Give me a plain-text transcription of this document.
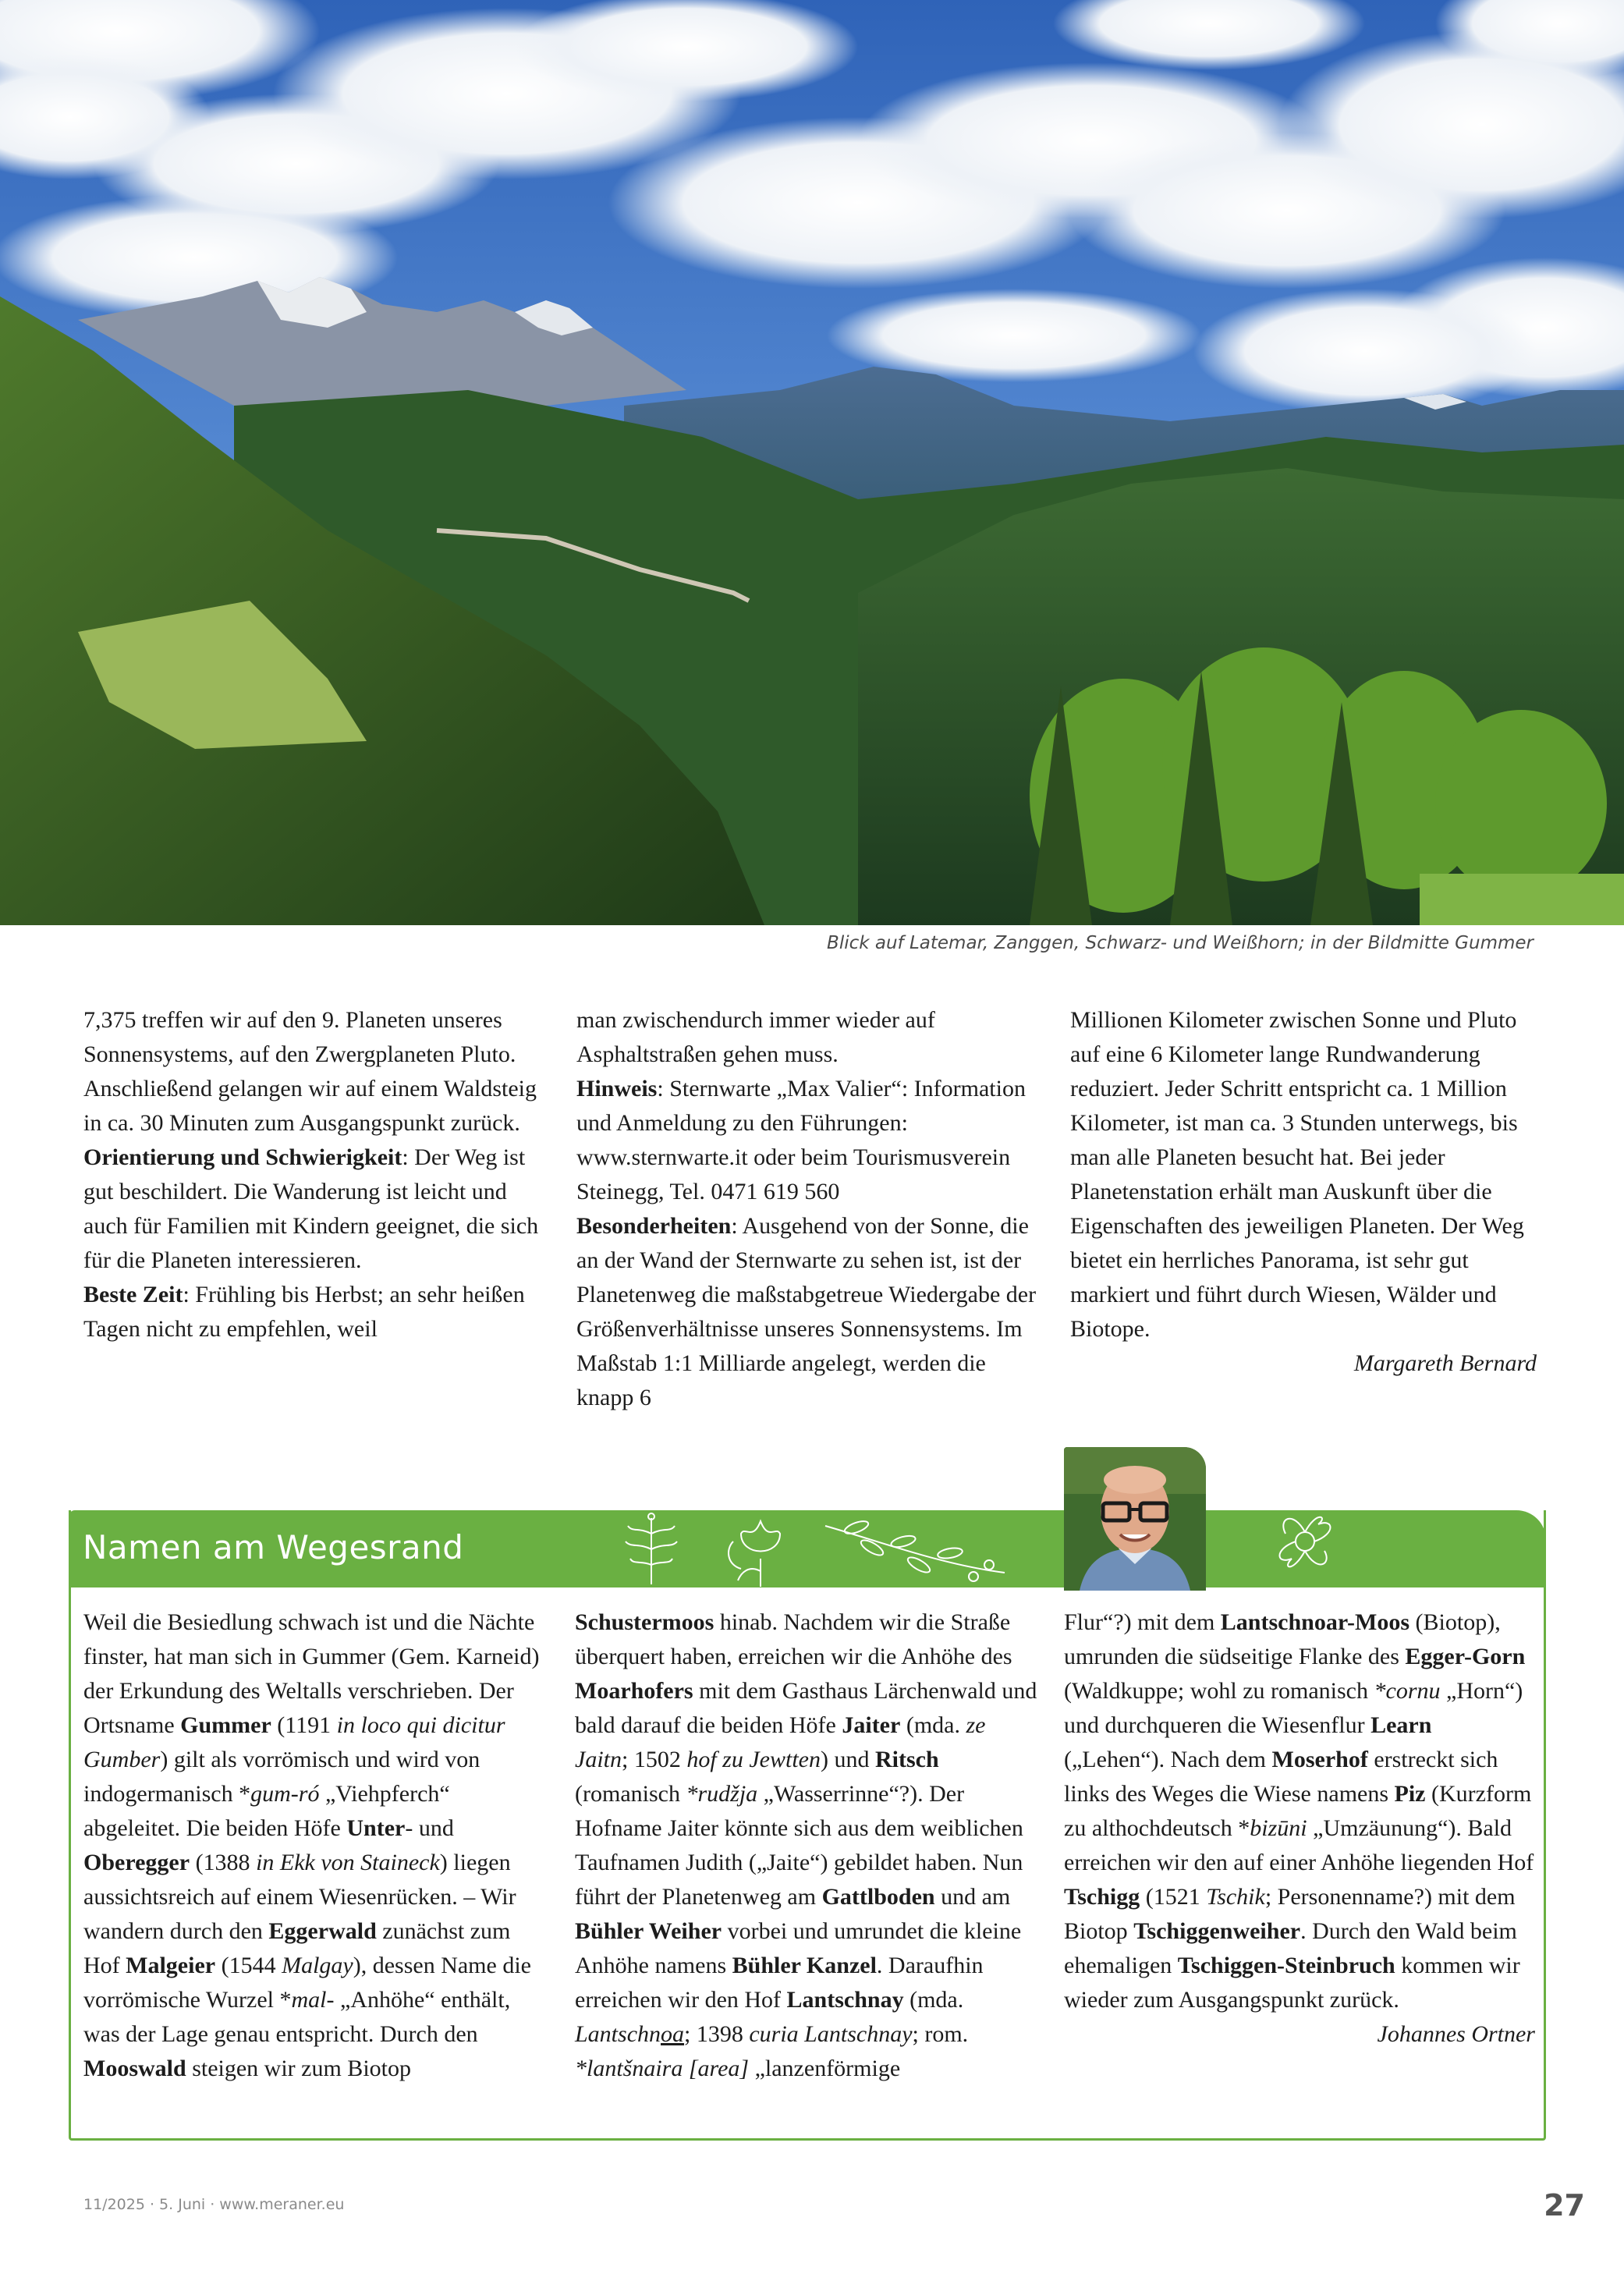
Blick auf Latemar, Zanggen, Schwarz- und Weißhorn; in der Bildmitte Gummer

7,375 treffen wir auf den 9. Planeten unseres Sonnensystems, auf den Zwergplaneten Pluto. Anschließend gelangen wir auf einem Waldsteig in ca. 30 Minuten zum Ausgangspunkt zurück.

Orientierung und Schwierigkeit: Der Weg ist gut beschildert. Die Wanderung ist leicht und auch für Familien mit Kindern geeignet, die sich für die Planeten interessieren.

Beste Zeit: Frühling bis Herbst; an sehr heißen Tagen nicht zu empfehlen, weil

man zwischendurch immer wieder auf Asphaltstraßen gehen muss.

Hinweis: Sternwarte „Max Valier“: Information und Anmeldung zu den Führungen: www.sternwarte.it oder beim Tourismusverein Steinegg, Tel. 0471 619 560

Besonderheiten: Ausgehend von der Sonne, die an der Wand der Sternwarte zu sehen ist, ist der Planetenweg die maßstabgetreue Wiedergabe der Größenverhältnisse unseres Sonnensystems. Im Maßstab 1:1 Milliarde angelegt, werden die knapp 6

Millionen Kilometer zwischen Sonne und Pluto auf eine 6 Kilometer lange Rundwanderung reduziert. Jeder Schritt entspricht ca. 1 Million Kilometer, ist man ca. 3 Stunden unterwegs, bis man alle Planeten besucht hat. Bei jeder Planetenstation erhält man Auskunft über die Eigenschaften des jeweiligen Planeten. Der Weg bietet ein herrliches Panorama, ist sehr gut markiert und führt durch Wiesen, Wälder und Biotope.

Margareth Bernard

Namen am Wegesrand
Weil die Besiedlung schwach ist und die Nächte finster, hat man sich in Gummer (Gem. Karneid) der Erkundung des Weltalls verschrieben. Der Ortsname Gummer (1191 in loco qui dicitur Gumber) gilt als vorrömisch und wird von indogermanisch *gum-ró „Viehpferch“ abgeleitet. Die beiden Höfe Unter- und Oberegger (1388 in Ekk von Staineck) liegen aussichtsreich auf einem Wiesenrücken. – Wir wandern durch den Eggerwald zunächst zum Hof Malgeier (1544 Malgay), dessen Name die vorrömische Wurzel *mal- „Anhöhe“ enthält, was der Lage genau entspricht. Durch den Mooswald steigen wir zum Biotop
Schustermoos hinab. Nachdem wir die Straße überquert haben, erreichen wir die Anhöhe des Moarhofers mit dem Gasthaus Lärchenwald und bald darauf die beiden Höfe Jaiter (mda. ze Jaitn; 1502 hof zu Jewtten) und Ritsch (romanisch *rudžja „Wasserrinne“?). Der Hofname Jaiter könnte sich aus dem weiblichen Taufnamen Judith („Jaite“) gebildet haben. Nun führt der Planetenweg am Gattlboden und am Bühler Weiher vorbei und umrundet die kleine Anhöhe namens Bühler Kanzel. Daraufhin erreichen wir den Hof Lantschnay (mda. Lantschnoa; 1398 curia Lantschnay; rom. *lantšnaira [area] „lanzenförmige

Flur“?) mit dem Lantschnoar-Moos (Biotop), umrunden die südseitige Flanke des Egger-Gorn (Waldkuppe; wohl zu romanisch *cornu „Horn“) und durchqueren die Wiesenflur Learn („Lehen“). Nach dem Moserhof erstreckt sich links des Weges die Wiese namens Piz (Kurzform zu althochdeutsch *bizūni „Umzäunung“). Bald erreichen wir den auf einer Anhöhe liegenden Hof Tschigg (1521 Tschik; Personenname?) mit dem Biotop Tschiggenweiher. Durch den Wald beim ehemaligen Tschiggen-Steinbruch kommen wir wieder zum Ausgangspunkt zurück.

Johannes Ortner

11/2025 · 5. Juni · www.meraner.eu	27
